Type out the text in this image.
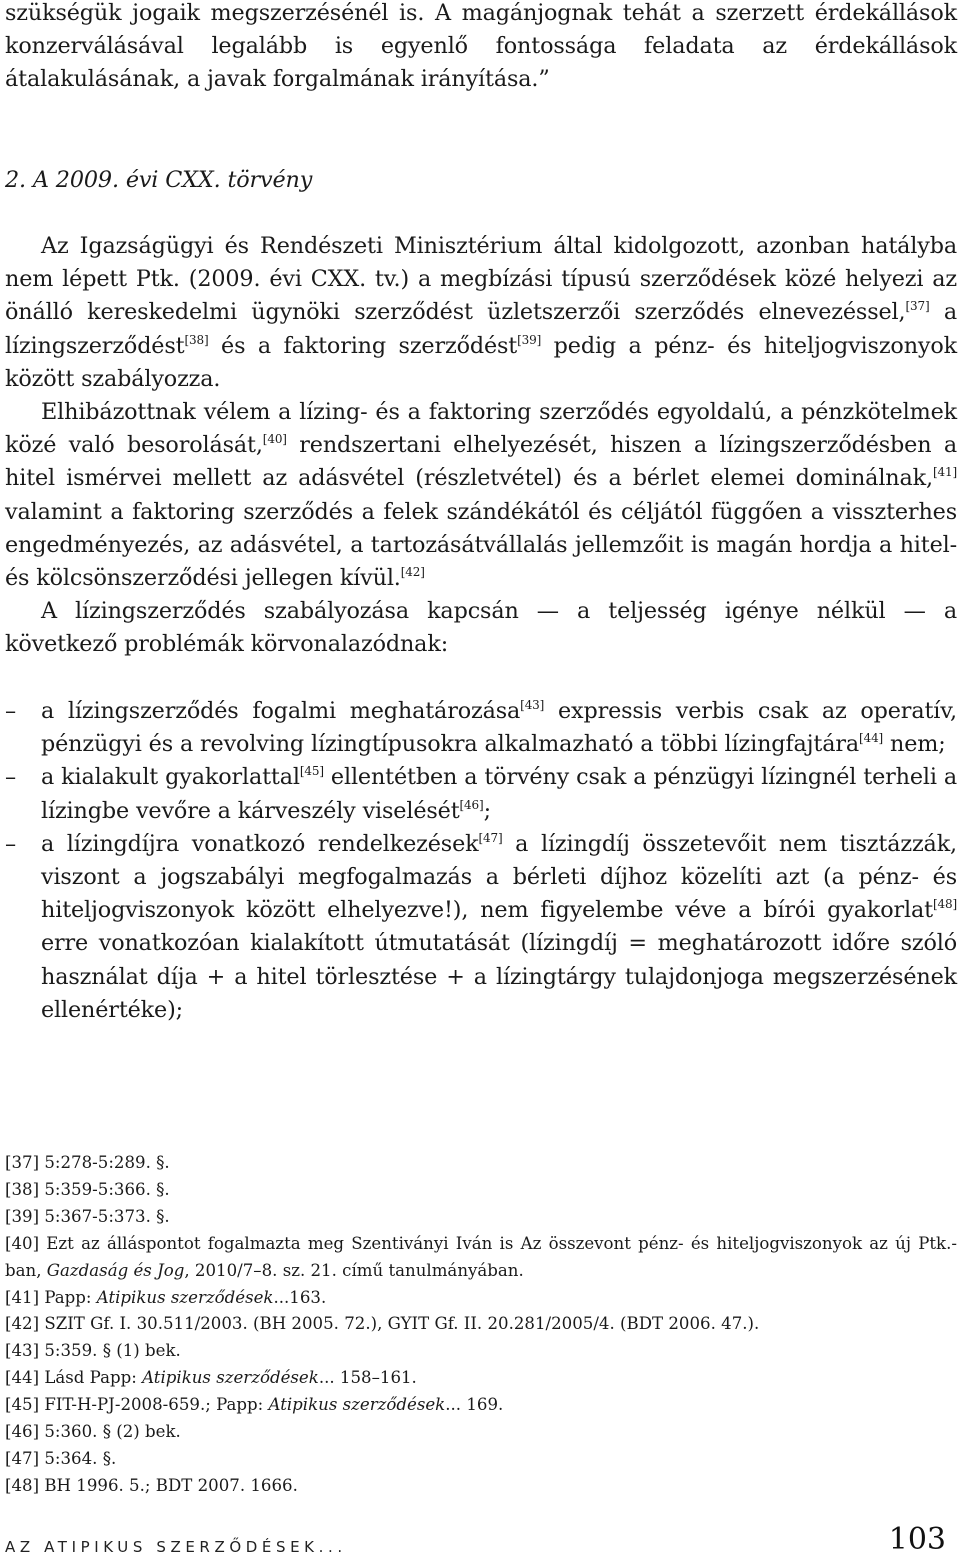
szükségük jogaik megszerzésénél is. A magánjognak tehát a szerzett érdekállások konzerválásával legalább is egyenlő fontossága feladata az érdekállások átalakulásának, a javak forgalmának irányítása.”

2. A 2009. évi CXX. törvény

Az Igazságügyi és Rendészeti Minisztérium által kidolgozott, azonban hatályba nem lépett Ptk. (2009. évi CXX. tv.) a megbízási típusú szerződések közé helyezi az önálló kereskedelmi ügynöki szerződést üzletszerzői szerződés elnevezéssel,[37] a lízingszerződést[38] és a faktoring szerződést[39] pedig a pénz- és hiteljogviszonyok között szabályozza.

Elhibázottnak vélem a lízing- és a faktoring szerződés egyoldalú, a pénzkötelmek közé való besorolását,[40] rendszertani elhelyezését, hiszen a lízingszerződésben a hitel ismérvei mellett az adásvétel (részletvétel) és a bérlet elemei dominálnak,[41] valamint a faktoring szerződés a felek szándékától és céljától függően a visszterhes engedményezés, az adásvétel, a tartozásátvállalás jellemzőit is magán hordja a hitel- és kölcsönszerződési jellegen kívül.[42]

A lízingszerződés szabályozása kapcsán — a teljesség igénye nélkül — a következő problémák körvonalazódnak:

– a lízingszerződés fogalmi meghatározása[43] expressis verbis csak az operatív, pénzügyi és a revolving lízingtípusokra alkalmazható a többi lízingfajtára[44] nem;

– a kialakult gyakorlattal[45] ellentétben a törvény csak a pénzügyi lízingnél terheli a lízingbe vevőre a kárveszély viselését[46];

– a lízingdíjra vonatkozó rendelkezések[47] a lízingdíj összetevőit nem tisztázzák, viszont a jogszabályi megfogalmazás a bérleti díjhoz közelíti azt (a pénz- és hiteljogviszonyok között elhelyezve!), nem figyelembe véve a bírói gyakorlat[48] erre vonatkozóan kialakított útmutatását (lízingdíj = meghatározott időre szóló használat díja + a hitel törlesztése + a lízingtárgy tulajdonjoga megszerzésének ellenértéke);

[37] 5:278-5:289. §.

[38] 5:359-5:366. §.

[39] 5:367-5:373. §.

[40] Ezt az álláspontot fogalmazta meg Szentiványi Iván is Az összevont pénz- és hiteljogviszonyok az új Ptk.-ban, Gazdaság és Jog, 2010/7–8. sz. 21. című tanulmányában.

[41] Papp: Atipikus szerződések...163.

[42] SZIT Gf. I. 30.511/2003. (BH 2005. 72.), GYIT Gf. II. 20.281/2005/4. (BDT 2006. 47.).

[43] 5:359. § (1) bek.

[44] Lásd Papp: Atipikus szerződések... 158–161.

[45] FIT-H-PJ-2008-659.; Papp: Atipikus szerződések... 169.

[46] 5:360. § (2) bek.

[47] 5:364. §.

[48] BH 1996. 5.; BDT 2007. 1666.

AZ ATIPIKUS SZERZŐDÉSEK...	103
